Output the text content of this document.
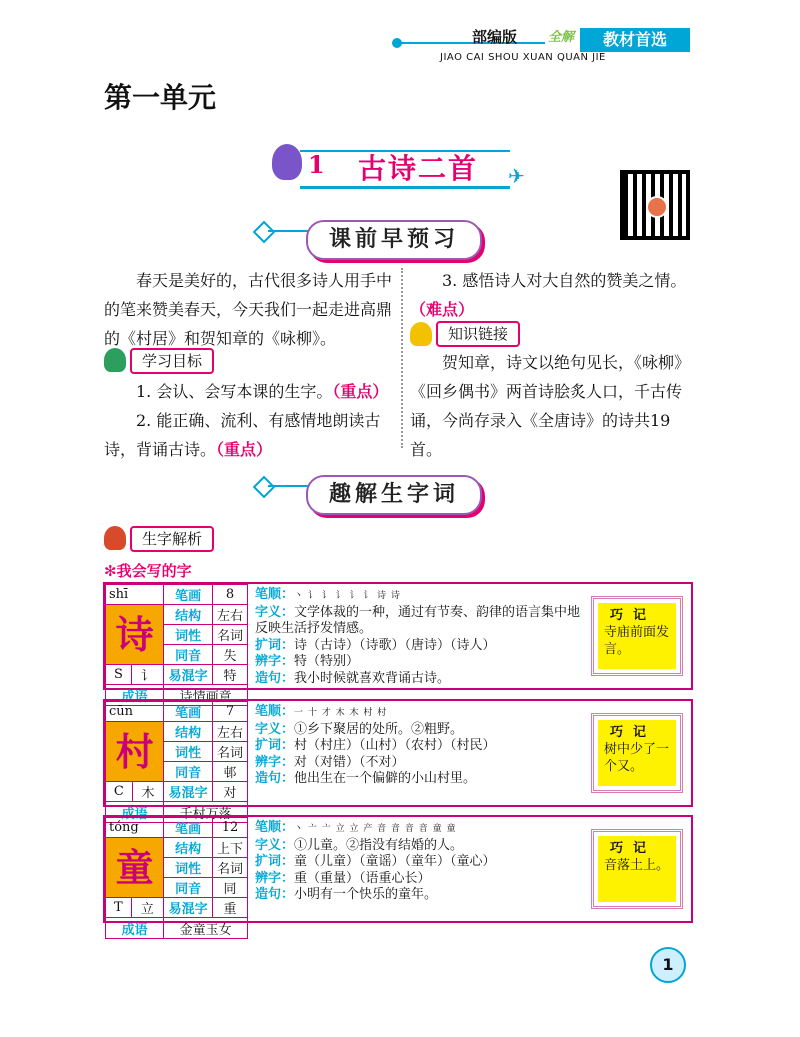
部编版 全解	教材首选
JIAO CAI SHOU XUAN QUAN JIE
第一单元
1 古诗二首 ✈
课前早预习
春天是美好的，古代很多诗人用手中的笔来赞美春天，今天我们一起走进高鼎的《村居》和贺知章的《咏柳》。
学习目标
1. 会认、会写本课的生字。（重点）
2. 能正确、流利、有感情地朗读古诗，背诵古诗。（重点）
3. 感悟诗人对大自然的赞美之情。（难点）
知识链接
贺知章，诗文以绝句见长，《咏柳》《回乡偶书》两首诗脍炙人口，千古传诵，今尚存录入《全唐诗》的诗共19首。
趣解生字词
生字解析
✻我会写的字
shī		笔画	8

诗		结构	左右
		词性	名词
		同音	失
S	讠	易混字	特
成语		诗情画意	
笔顺：丶 讠 讠 讠 讠 讠 诗 诗
字义：文学体裁的一种，通过有节奏、韵律的语言集中地反映生活抒发情感。
扩词：诗（古诗）（诗歌）（唐诗）（诗人）
辨字：特（特别）
造句：我小时候就喜欢背诵古诗。
巧记
寺庙前面发言。
cūn		笔画	7

村		结构	左右
		词性	名词
		同音	邨
C	木	易混字	对
成语		千村万落	
笔顺：一 十 才 木 木 村 村
字义：①乡下聚居的处所。②粗野。
扩词：村（村庄）（山村）（农村）（村民）
辨字：对（对错）（不对）
造句：他出生在一个偏僻的小山村里。
巧记
树中少了一个又。
tóng		笔画	12

童		结构	上下
		词性	名词
		同音	同
T	立	易混字	重
成语		金童玉女	
笔顺：丶 亠 亠 立 立 产 音 音 音 音 童 童
字义：①儿童。②指没有结婚的人。
扩词：童（儿童）（童谣）（童年）（童心）
辨字：重（重量）（语重心长）
造句：小明有一个快乐的童年。
巧记
音落土上。
1
